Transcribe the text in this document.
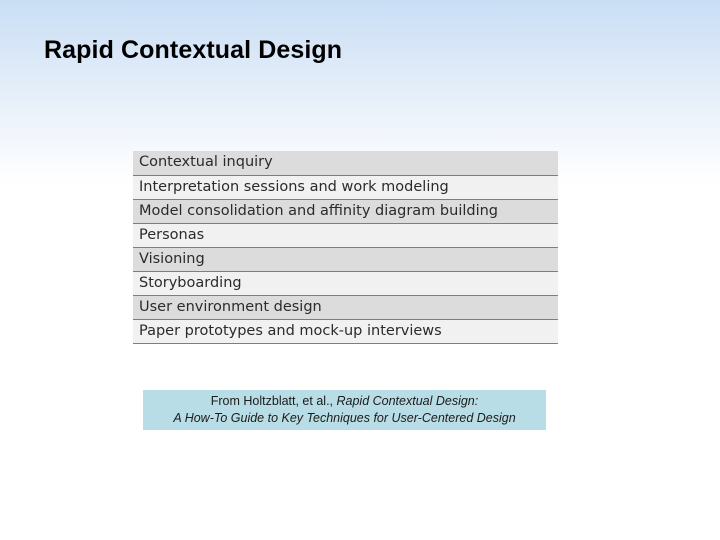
Rapid Contextual Design
Contextual inquiry
Interpretation sessions and work modeling
Model consolidation and affinity diagram building
Personas
Visioning
Storyboarding
User environment design
Paper prototypes and mock-up interviews
From Holtzblatt, et al., Rapid Contextual Design:
A How-To Guide to Key Techniques for User-Centered Design
